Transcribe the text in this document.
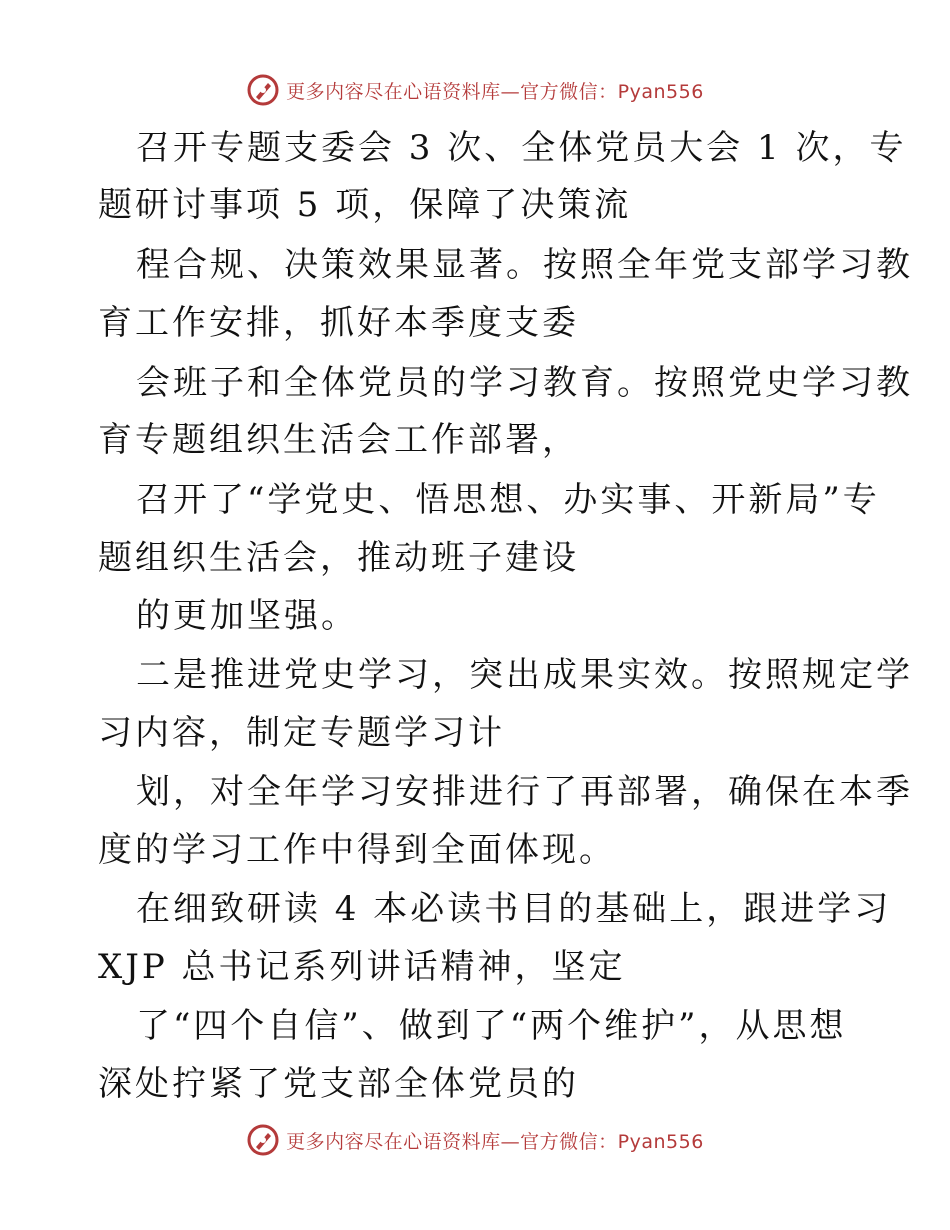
更多内容尽在心语资料库—官方微信：Pyan556
召开专题支委会 3 次、全体党员大会 1 次，专
题研讨事项 5 项，保障了决策流
程合规、决策效果显著。按照全年党支部学习教
育工作安排，抓好本季度支委
会班子和全体党员的学习教育。按照党史学习教
育专题组织生活会工作部署，
召开了“学党史、悟思想、办实事、开新局”专
题组织生活会，推动班子建设
的更加坚强。
二是推进党史学习，突出成果实效。按照规定学
习内容，制定专题学习计
划，对全年学习安排进行了再部署，确保在本季
度的学习工作中得到全面体现。
在细致研读 4 本必读书目的基础上，跟进学习
XJP 总书记系列讲话精神，坚定
了“四个自信”、做到了“两个维护”，从思想
深处拧紧了党支部全体党员的
更多内容尽在心语资料库—官方微信：Pyan556
